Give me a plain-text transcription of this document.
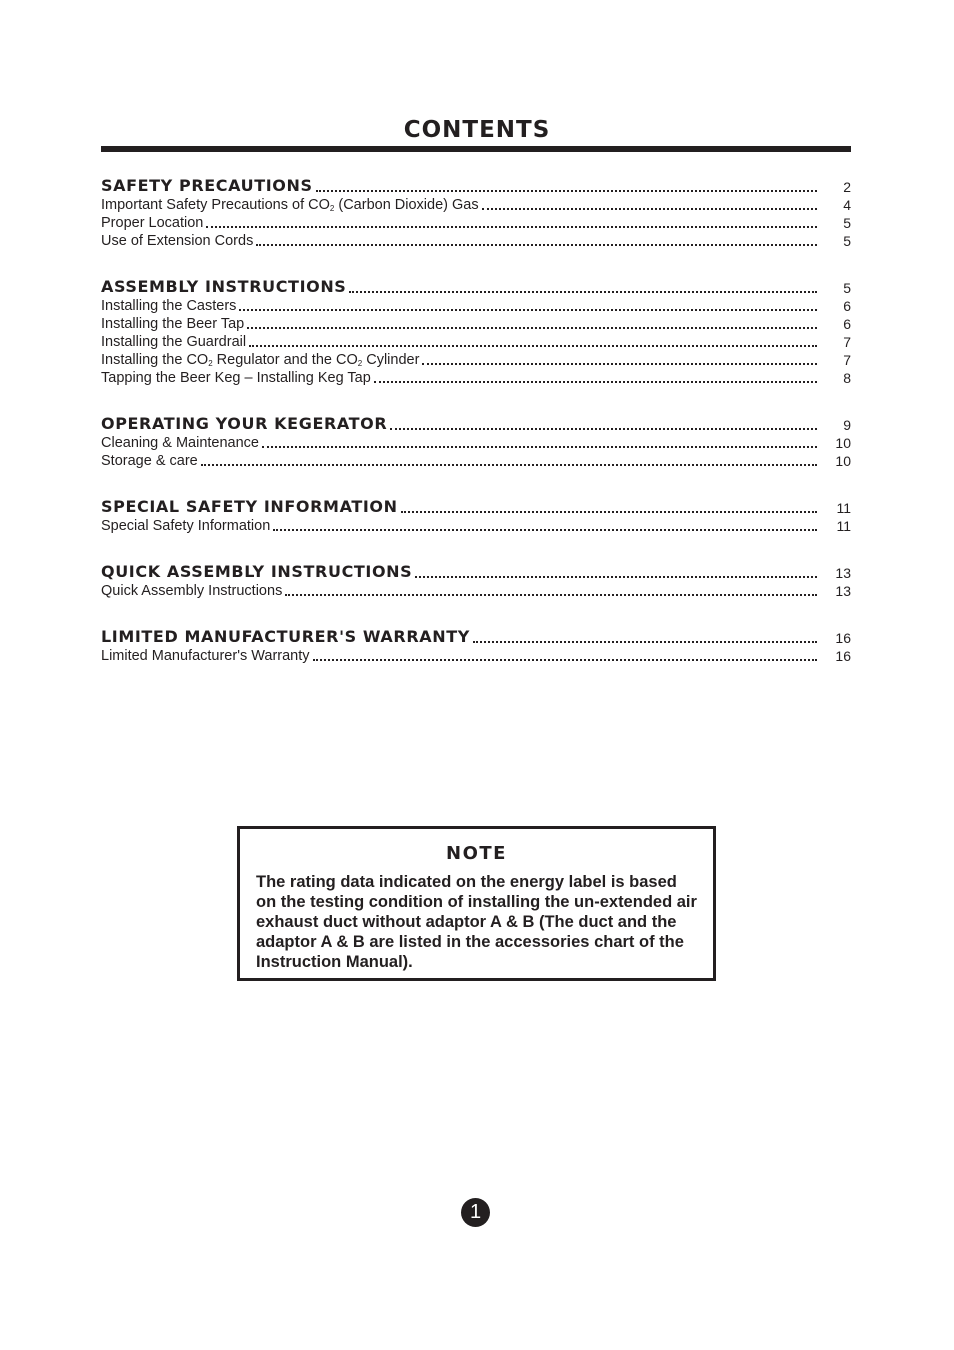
CONTENTS
SAFETY PRECAUTIONS	2
Important Safety Precautions of $CO_2$ (Carbon Dioxide) Gas	4
Proper Location	5
Use of Extension Cords	5
ASSEMBLY INSTRUCTIONS	5
Installing the Casters	6
Installing the Beer Tap	6
Installing the Guardrail	7
Installing the $CO_2$ Regulator and the $CO_2$ Cylinder	7
Tapping the Beer Keg – Installing Keg Tap	8
OPERATING YOUR KEGERATOR	9
Cleaning & Maintenance	10
Storage & care	10
SPECIAL SAFETY INFORMATION	11
Special Safety Information	11
QUICK ASSEMBLY INSTRUCTIONS	13
Quick Assembly Instructions	13
LIMITED MANUFACTURER'S WARRANTY	16
Limited Manufacturer's Warranty	16
NOTE
The rating data indicated on the energy label is based on the testing condition of installing the un-extended air exhaust duct without adaptor A & B (The duct and the adaptor A & B are listed in the accessories chart of the Instruction Manual).
1
